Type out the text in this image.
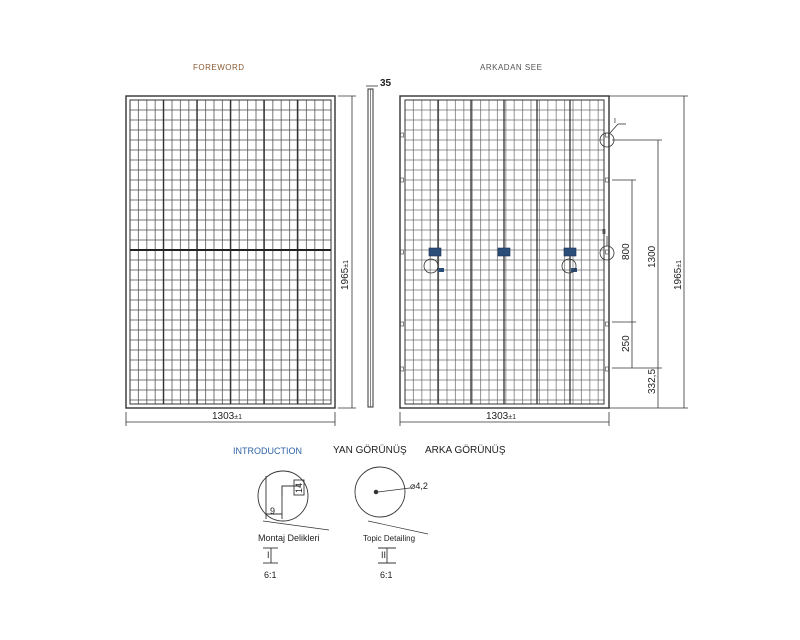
FOREWORD	ARKADAN SEE
INTRODUCTION	YAN GÖRÜNÜŞ ARKA GÖRÜNÜŞ
1303±1
1965±1
35
I
II
1303±1
1965±1
1300
800
250
332,5
14
9
Montaj Delikleri
I
6:1
⌀4,2
Topic Detailing
II
6:1
